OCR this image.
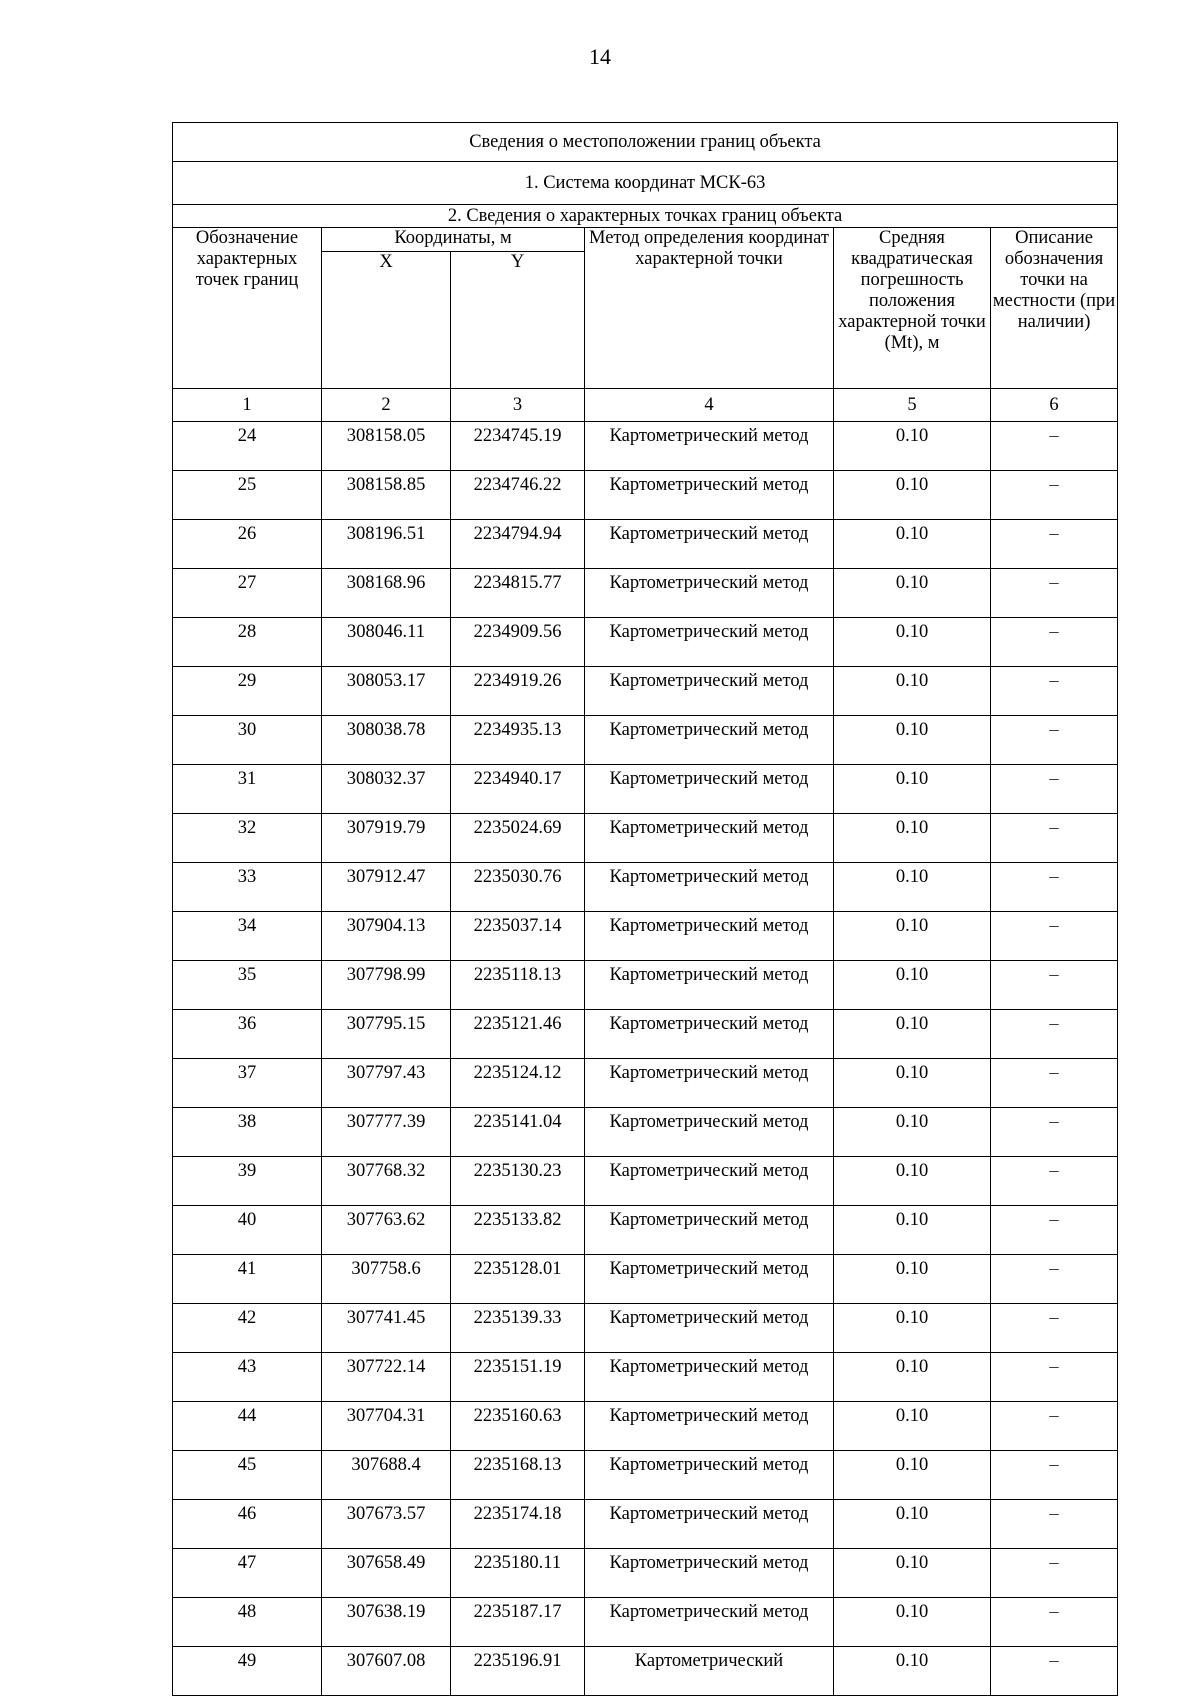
14
Сведения о местоположении границ объекта					
1. Система координат МСК-63					
2. Сведения о характерных точках границ объекта					
Обозначение характерных точек границ	Координаты, м		Метод определения координат характерной точки	Средняя квадратическая погрешность положения характерной точки (Mt), м	Описание обозначения точки на местности (при наличии)
	X	Y			
1	2	3	4	5	6
24	308158.05	2234745.19	Картометрический метод	0.10	–
25	308158.85	2234746.22	Картометрический метод	0.10	–
26	308196.51	2234794.94	Картометрический метод	0.10	–
27	308168.96	2234815.77	Картометрический метод	0.10	–
28	308046.11	2234909.56	Картометрический метод	0.10	–
29	308053.17	2234919.26	Картометрический метод	0.10	–
30	308038.78	2234935.13	Картометрический метод	0.10	–
31	308032.37	2234940.17	Картометрический метод	0.10	–
32	307919.79	2235024.69	Картометрический метод	0.10	–
33	307912.47	2235030.76	Картометрический метод	0.10	–
34	307904.13	2235037.14	Картометрический метод	0.10	–
35	307798.99	2235118.13	Картометрический метод	0.10	–
36	307795.15	2235121.46	Картометрический метод	0.10	–
37	307797.43	2235124.12	Картометрический метод	0.10	–
38	307777.39	2235141.04	Картометрический метод	0.10	–
39	307768.32	2235130.23	Картометрический метод	0.10	–
40	307763.62	2235133.82	Картометрический метод	0.10	–
41	307758.6	2235128.01	Картометрический метод	0.10	–
42	307741.45	2235139.33	Картометрический метод	0.10	–
43	307722.14	2235151.19	Картометрический метод	0.10	–
44	307704.31	2235160.63	Картометрический метод	0.10	–
45	307688.4	2235168.13	Картометрический метод	0.10	–
46	307673.57	2235174.18	Картометрический метод	0.10	–
47	307658.49	2235180.11	Картометрический метод	0.10	–
48	307638.19	2235187.17	Картометрический метод	0.10	–
49	307607.08	2235196.91	Картометрический	0.10	–
